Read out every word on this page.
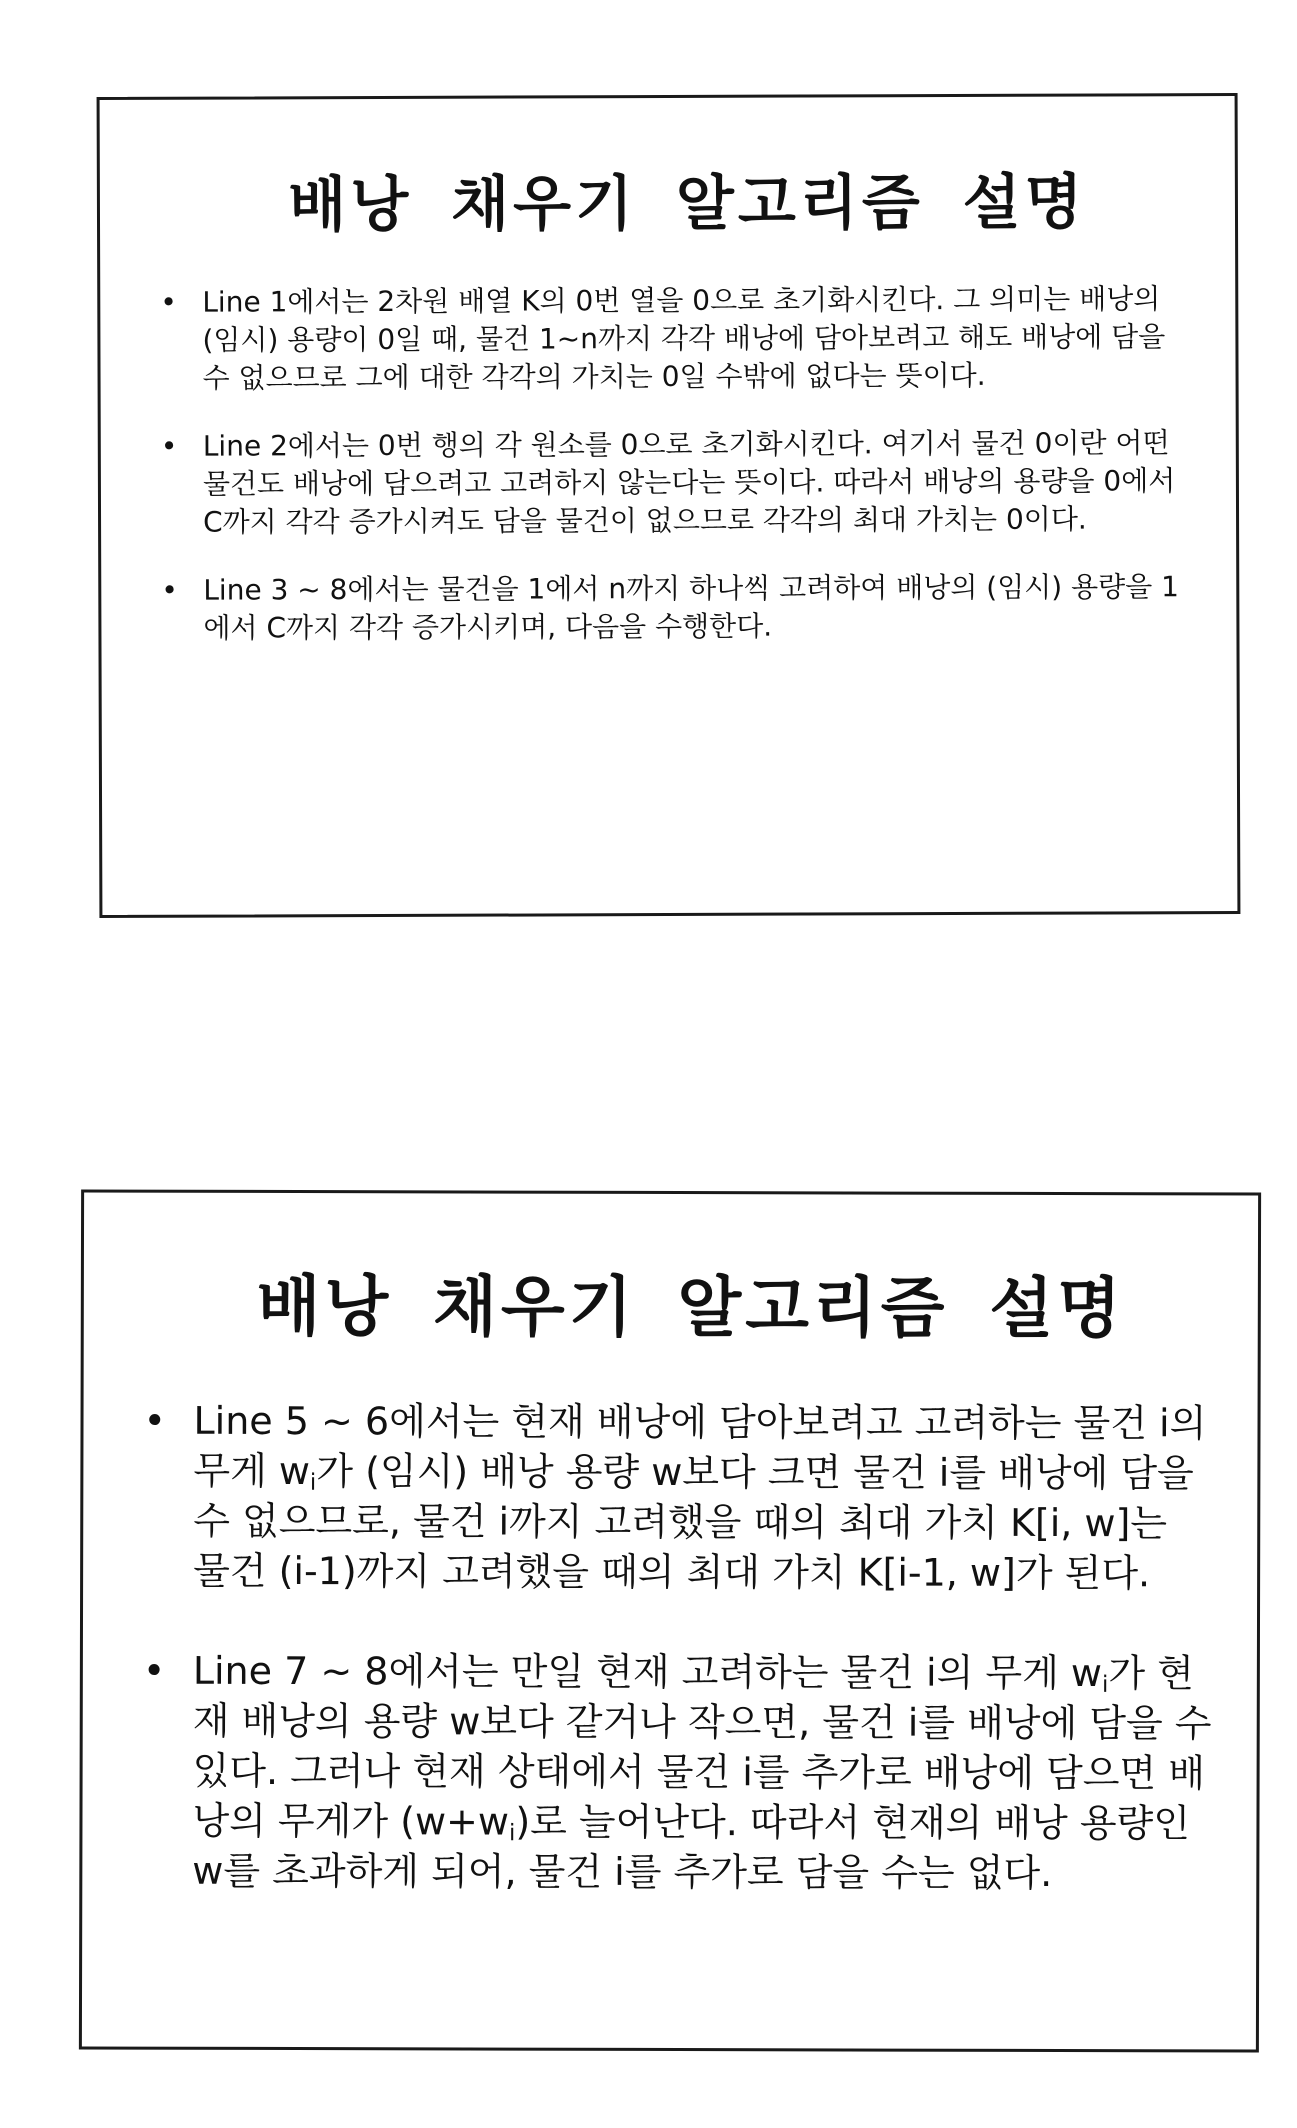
배낭 채우기 알고리즘 설명
• Line 1에서는 2차원 배열 K의 0번 열을 0으로 초기화시킨다. 그 의미는 배낭의 (임시) 용량이 0일 때, 물건 1~n까지 각각 배낭에 담아보려고 해도 배낭에 담을 수 없으므로 그에 대한 각각의 가치는 0일 수밖에 없다는 뜻이다.
• Line 2에서는 0번 행의 각 원소를 0으로 초기화시킨다. 여기서 물건 0이란 어떤 물건도 배낭에 담으려고 고려하지 않는다는 뜻이다. 따라서 배낭의 용량을 0에서 C까지 각각 증가시켜도 담을 물건이 없으므로 각각의 최대 가치는 0이다.
• Line 3 ~ 8에서는 물건을 1에서 n까지 하나씩 고려하여 배낭의 (임시) 용량을 1에서 C까지 각각 증가시키며, 다음을 수행한다.
배낭 채우기 알고리즘 설명
• Line 5 ~ 6에서는 현재 배낭에 담아보려고 고려하는 물건 i의 무게 $w_i$가 (임시) 배낭 용량 w보다 크면 물건 i를 배낭에 담을 수 없으므로, 물건 i까지 고려했을 때의 최대 가치 K[i, w]는 물건 (i-1)까지 고려했을 때의 최대 가치 K[i-1, w]가 된다.
• Line 7 ~ 8에서는 만일 현재 고려하는 물건 i의 무게 $w_i$가 현재 배낭의 용량 w보다 같거나 작으면, 물건 i를 배낭에 담을 수 있다. 그러나 현재 상태에서 물건 i를 추가로 배낭에 담으면 배낭의 무게가 $(w+w_i)$로 늘어난다. 따라서 현재의 배낭 용량인 w를 초과하게 되어, 물건 i를 추가로 담을 수는 없다.
